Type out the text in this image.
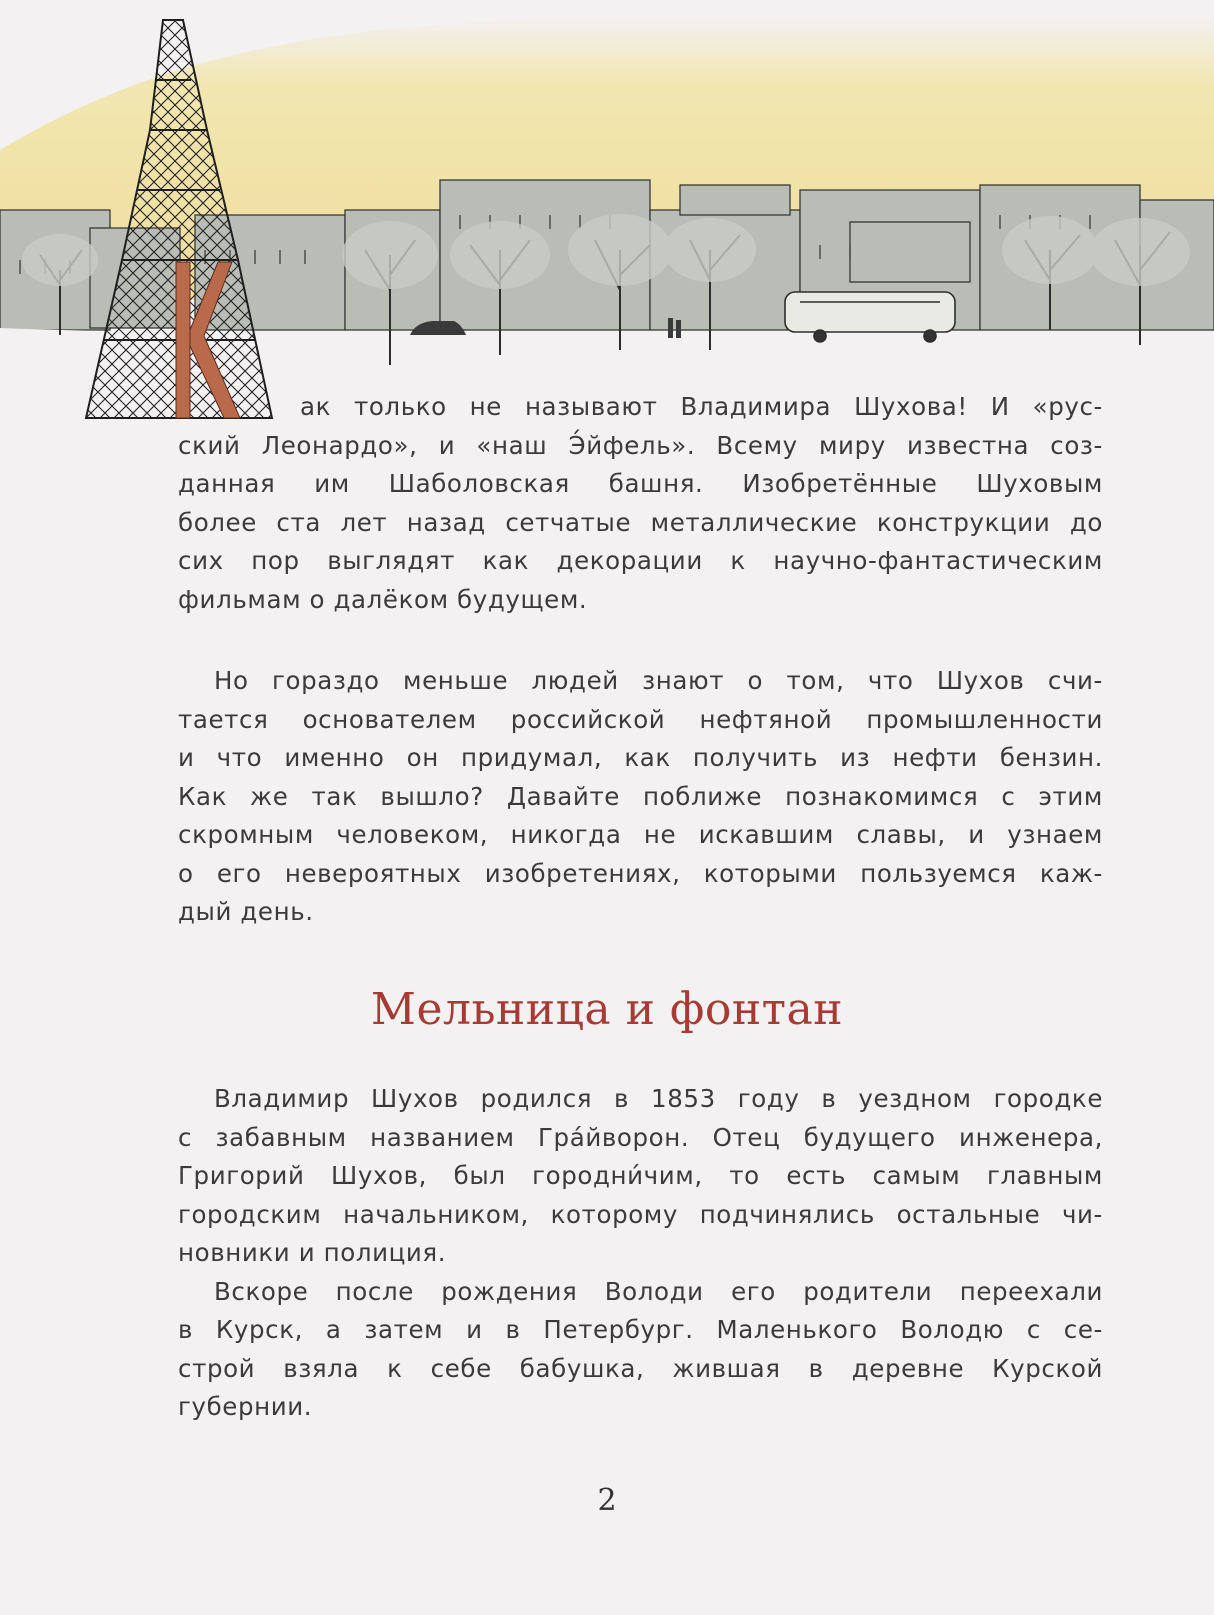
ак только не называют Владимира Шухова! И «рус-
ский Леонардо», и «наш Э́йфель». Всему миру известна соз-
данная им Шаболовская башня. Изобретённые Шуховым
более ста лет назад сетчатые металлические конструкции до
сих пор выглядят как декорации к научно-фантастическим
фильмам о далёком будущем.
Но гораздо меньше людей знают о том, что Шухов счи-
тается основателем российской нефтяной промышленности
и что именно он придумал, как получить из нефти бензин.
Как же так вышло? Давайте поближе познакомимся с этим
скромным человеком, никогда не искавшим славы, и узнаем
о его невероятных изобретениях, которыми пользуемся каж-
дый день.
Мельница и фонтан
Владимир Шухов родился в 1853 году в уездном городке
с забавным названием Гра́йворон. Отец будущего инженера,
Григорий Шухов, был городни́чим, то есть самым главным
городским начальником, которому подчинялись остальные чи-
новники и полиция.
Вскоре после рождения Володи его родители переехали
в Курск, а затем и в Петербург. Маленького Володю с се-
строй взяла к себе бабушка, жившая в деревне Курской
губернии.
2
